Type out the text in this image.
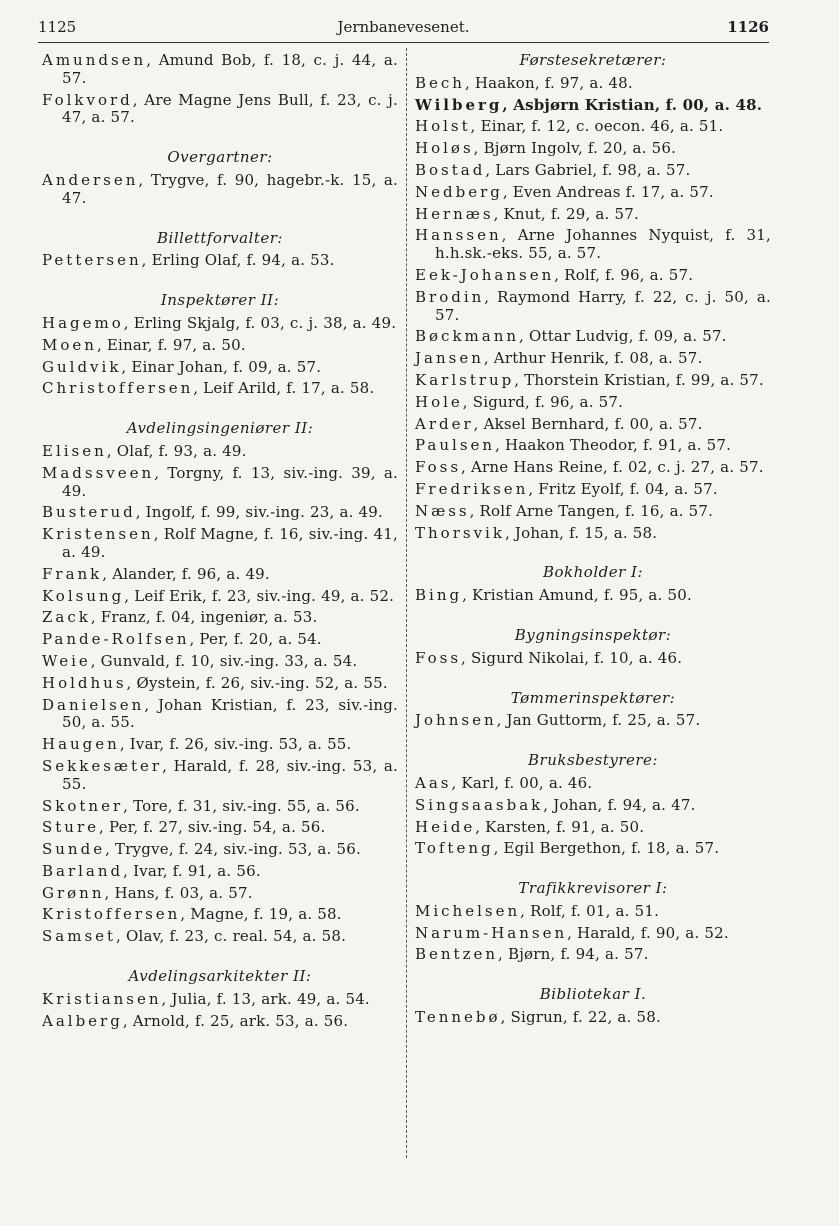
1125	Jernbanevesenet.	1126
Amundsen, Amund Bob, f. 18, c. j. 44, a. 57.
Folkvord, Are Magne Jens Bull, f. 23, c. j. 47, a. 57.
Overgartner:
Andersen, Trygve, f. 90, hagebr.-k. 15, a. 47.
Billettforvalter:
Pettersen, Erling Olaf, f. 94, a. 53.
Inspektører II:
Hagemo, Erling Skjalg, f. 03, c. j. 38, a. 49.
Moen, Einar, f. 97, a. 50.
Guldvik, Einar Johan, f. 09, a. 57.
Christoffersen, Leif Arild, f. 17, a. 58.
Avdelingsingeniører II:
Elisen, Olaf, f. 93, a. 49.
Madssveen, Torgny, f. 13, siv.-ing. 39, a. 49.
Busterud, Ingolf, f. 99, siv.-ing. 23, a. 49.
Kristensen, Rolf Magne, f. 16, siv.-ing. 41, a. 49.
Frank, Alander, f. 96, a. 49.
Kolsung, Leif Erik, f. 23, siv.-ing. 49, a. 52.
Zack, Franz, f. 04, ingeniør, a. 53.
Pande-Rolfsen, Per, f. 20, a. 54.
Weie, Gunvald, f. 10, siv.-ing. 33, a. 54.
Holdhus, Øystein, f. 26, siv.-ing. 52, a. 55.
Danielsen, Johan Kristian, f. 23, siv.-ing. 50, a. 55.
Haugen, Ivar, f. 26, siv.-ing. 53, a. 55.
Sekkesæter, Harald, f. 28, siv.-ing. 53, a. 55.
Skotner, Tore, f. 31, siv.-ing. 55, a. 56.
Sture, Per, f. 27, siv.-ing. 54, a. 56.
Sunde, Trygve, f. 24, siv.-ing. 53, a. 56.
Barland, Ivar, f. 91, a. 56.
Grønn, Hans, f. 03, a. 57.
Kristoffersen, Magne, f. 19, a. 58.
Samset, Olav, f. 23, c. real. 54, a. 58.
Avdelingsarkitekter II:
Kristiansen, Julia, f. 13, ark. 49, a. 54.
Aalberg, Arnold, f. 25, ark. 53, a. 56.
Førstesekretærer:
Bech, Haakon, f. 97, a. 48.
Wilberg, Asbjørn Kristian, f. 00, a. 48.
Holst, Einar, f. 12, c. oecon. 46, a. 51.
Holøs, Bjørn Ingolv, f. 20, a. 56.
Bostad, Lars Gabriel, f. 98, a. 57.
Nedberg, Even Andreas f. 17, a. 57.
Hernæs, Knut, f. 29, a. 57.
Hanssen, Arne Johannes Nyquist, f. 31, h.h.sk.-eks. 55, a. 57.
Eek-Johansen, Rolf, f. 96, a. 57.
Brodin, Raymond Harry, f. 22, c. j. 50, a. 57.
Bøckmann, Ottar Ludvig, f. 09, a. 57.
Jansen, Arthur Henrik, f. 08, a. 57.
Karlstrup, Thorstein Kristian, f. 99, a. 57.
Hole, Sigurd, f. 96, a. 57.
Arder, Aksel Bernhard, f. 00, a. 57.
Paulsen, Haakon Theodor, f. 91, a. 57.
Foss, Arne Hans Reine, f. 02, c. j. 27, a. 57.
Fredriksen, Fritz Eyolf, f. 04, a. 57.
Næss, Rolf Arne Tangen, f. 16, a. 57.
Thorsvik, Johan, f. 15, a. 58.
Bokholder I:
Bing, Kristian Amund, f. 95, a. 50.
Bygningsinspektør:
Foss, Sigurd Nikolai, f. 10, a. 46.
Tømmerinspektører:
Johnsen, Jan Guttorm, f. 25, a. 57.
Bruksbestyrere:
Aas, Karl, f. 00, a. 46.
Singsaasbak, Johan, f. 94, a. 47.
Heide, Karsten, f. 91, a. 50.
Tofteng, Egil Bergethon, f. 18, a. 57.
Trafikkrevisorer I:
Michelsen, Rolf, f. 01, a. 51.
Narum-Hansen, Harald, f. 90, a. 52.
Bentzen, Bjørn, f. 94, a. 57.
Bibliotekar I.
Tennebø, Sigrun, f. 22, a. 58.
